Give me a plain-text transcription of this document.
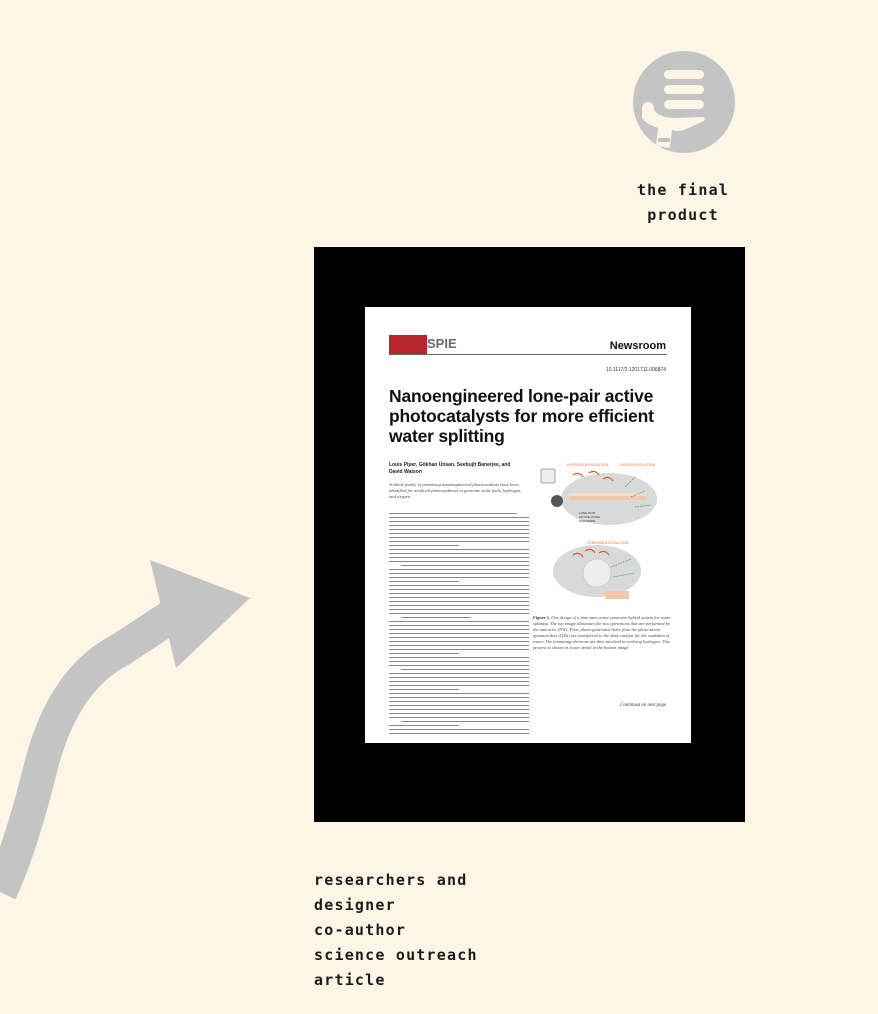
the final
product
SPIE	Newsroom
10.1117/2.1201711.006874
Nanoengineered lone-pair active photocatalysts for more efficient water splitting
Louis Piper, Gökhan Ünsan, Seebujit Banerjee, and David Watson
A whole family of promising nanoengineered photocatalysts have been identified for artificial photosynthesis to generate solar fuels, hydrogen, and oxygen.
HYDROGEN EVOLUTION	OXYGEN EVOLUTION
LONE-PAIR
ACTIVE OXIDE
NANOWIRE
HYDROGEN EVOLUTION
Figure 1. Our design of a lone-pair active nanowire hybrid system for water splitting. The top image illustrates the two operations that are performed by the nanowire (NW). First, photo-generated holes from the photo-active quantum dots (QDs) are transferred to the dark catalyst for the oxidation of water. The remaining electrons are then involved in evolving hydrogen. This process is shown in closer detail in the bottom image.
Continued on next page
researchers and
designer
co-author
science outreach
article
